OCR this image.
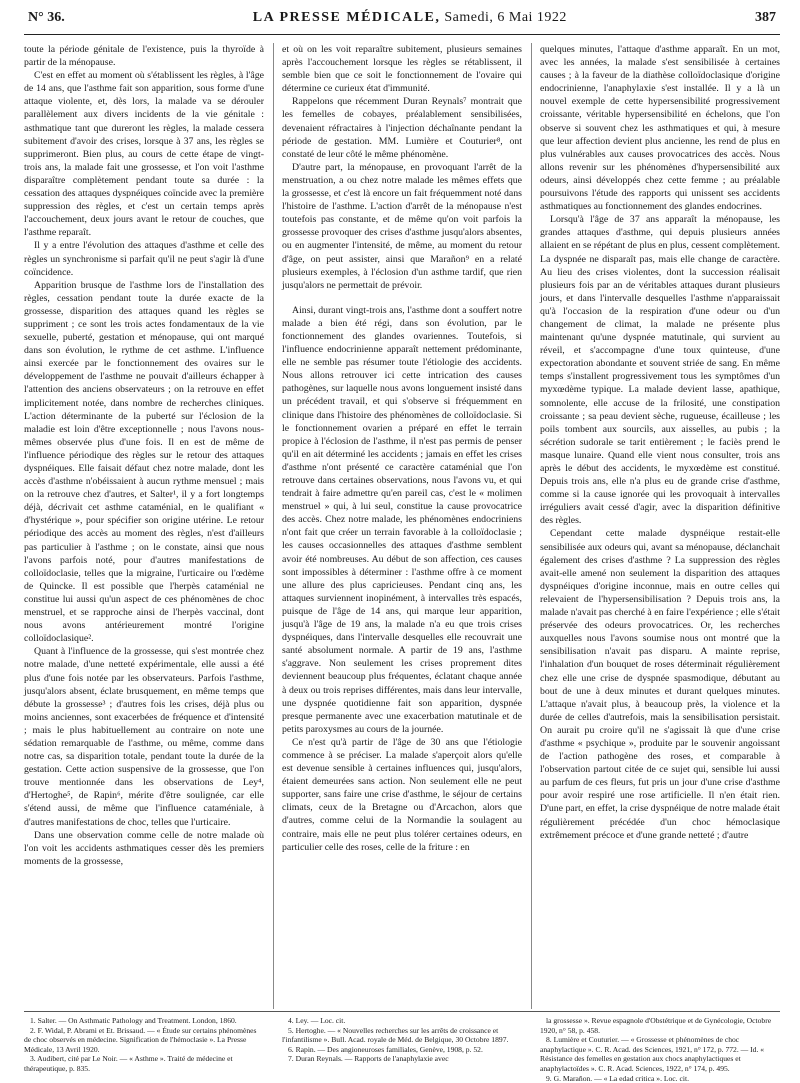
N° 36.	LA PRESSE MÉDICALE, Samedi, 6 Mai 1922	387

toute la période génitale de l'existence, puis la thyroïde à partir de la ménopause.

C'est en effet au moment où s'établissent les règles, à l'âge de 14 ans, que l'asthme fait son apparition, sous forme d'une attaque violente, et, dès lors, la malade va se dérouler parallèlement aux divers incidents de la vie génitale : asthmatique tant que dureront les règles, la malade cessera subitement d'avoir des crises, lorsque à 37 ans, les règles se supprimeront. Bien plus, au cours de cette étape de vingt-trois ans, la malade fait une grossesse, et l'on voit l'asthme disparaître complètement pendant toute sa durée : la cessation des attaques dyspnéiques coïncide avec la première suppression des règles, et c'est un certain temps après l'accouchement, deux jours avant le retour de couches, que l'asthme reparaît.

Il y a entre l'évolution des attaques d'asthme et celle des règles un synchronisme si parfait qu'il ne peut s'agir là d'une coïncidence.

Apparition brusque de l'asthme lors de l'installation des règles, cessation pendant toute la durée exacte de la grossesse, disparition des attaques quand les règles se suppriment ; ce sont les trois actes fondamentaux de la vie sexuelle, puberté, gestation et ménopause, qui ont marqué dans son évolution, le rythme de cet asthme. L'influence ainsi exercée par le fonctionnement des ovaires sur le développement de l'asthme ne pouvait d'ailleurs échapper à l'attention des anciens observateurs ; on la retrouve en effet implicitement notée, dans nombre de recherches cliniques. L'action déterminante de la puberté sur l'éclosion de la maladie est loin d'être exceptionnelle ; nous l'avons nous-mêmes observée plus d'une fois. Il en est de même de l'influence périodique des règles sur le retour des attaques dyspnéiques. Elle faisait défaut chez notre malade, dont les accès d'asthme n'obéissaient à aucun rythme mensuel ; mais on la retrouve chez d'autres, et Salter¹, il y a fort longtemps déjà, décrivait cet asthme cataménial, en le qualifiant « d'hystérique », pour spécifier son origine utérine. Le retour périodique des accès au moment des règles, n'est d'ailleurs pas particulier à l'asthme ; on le constate, ainsi que nous l'avons parfois noté, pour d'autres manifestations de colloïdoclasie, telles que la migraine, l'urticaire ou l'œdème de Quincke. Il est possible que l'herpès cataménial ne constitue lui aussi qu'un aspect de ces phénomènes de choc menstruel, et se rapproche ainsi de l'herpès vaccinal, dont nous avons antérieurement montré l'origine colloïdoclasique².

Quant à l'influence de la grossesse, qui s'est montrée chez notre malade, d'une netteté expérimentale, elle aussi a été plus d'une fois notée par les observateurs. Parfois l'asthme, jusqu'alors absent, éclate brusquement, en même temps que débute la grossesse³ ; d'autres fois les crises, déjà plus ou moins anciennes, sont exacerbées de fréquence et d'intensité ; mais le plus habituellement au contraire on note une sédation remarquable de l'asthme, ou même, comme dans notre cas, sa disparition totale, pendant toute la durée de la gestation. Cette action suspensive de la grossesse, que l'on trouve mentionnée dans les observations de Ley⁴, d'Hertoghe⁵, de Rapin⁶, mérite d'être soulignée, car elle s'étend aussi, de même que l'influence cataméniale, à d'autres manifestations de choc, telles que l'urticaire.

Dans une observation comme celle de notre malade où l'on voit les accidents asthmatiques cesser dès les premiers moments de la grossesse,

et où on les voit reparaître subitement, plusieurs semaines après l'accouchement lorsque les règles se rétablissent, il semble bien que ce soit le fonctionnement de l'ovaire qui détermine ce curieux état d'immunité.

Rappelons que récemment Duran Reynals⁷ montrait que les femelles de cobayes, préalablement sensibilisées, devenaient réfractaires à l'injection déchaînante pendant la période de gestation. MM. Lumière et Couturier⁸, ont constaté de leur côté le même phénomène.

D'autre part, la ménopause, en provoquant l'arrêt de la menstruation, a ou chez notre malade les mêmes effets que la grossesse, et c'est là encore un fait fréquemment noté dans l'histoire de l'asthme. L'action d'arrêt de la ménopause n'est toutefois pas constante, et de même qu'on voit parfois la grossesse provoquer des crises d'asthme jusqu'alors absentes, ou en augmenter l'intensité, de même, au moment du retour d'âge, on peut assister, ainsi que Marañon⁹ en a relaté plusieurs exemples, à l'éclosion d'un asthme tardif, que rien jusqu'alors ne permettait de prévoir.

Ainsi, durant vingt-trois ans, l'asthme dont a souffert notre malade a bien été régi, dans son évolution, par le fonctionnement des glandes ovariennes. Toutefois, si l'influence endocrinienne apparaît nettement prédominante, elle ne semble pas résumer toute l'étiologie des accidents. Nous allons retrouver ici cette intrication des causes pathogènes, sur laquelle nous avons longuement insisté dans un précédent travail, et qui s'observe si fréquemment en clinique dans l'histoire des phénomènes de colloïdoclasie. Si le fonctionnement ovarien a préparé en effet le terrain propice à l'éclosion de l'asthme, il n'est pas permis de penser qu'il en ait déterminé les accidents ; jamais en effet les crises d'asthme n'ont présenté ce caractère cataménial que l'on retrouve dans certaines observations, nous l'avons vu, et qui tendrait à faire admettre qu'en pareil cas, c'est le « molimen menstruel » qui, à lui seul, constitue la cause provocatrice des accès. Chez notre malade, les phénomènes endocriniens n'ont fait que créer un terrain favorable à la colloïdoclasie ; les causes occasionnelles des attaques d'asthme semblent avoir été nombreuses. Au début de son affection, ces causes sont impossibles à déterminer : l'asthme offre à ce moment une allure des plus capricieuses. Pendant cinq ans, les attaques surviennent inopinément, à intervalles très espacés, puisque de l'âge de 14 ans, qui marque leur apparition, jusqu'à l'âge de 19 ans, la malade n'a eu que trois crises dyspnéiques, dans l'intervalle desquelles elle recouvrait une santé absolument normale. A partir de 19 ans, l'asthme s'aggrave. Non seulement les crises proprement dites deviennent beaucoup plus fréquentes, éclatant chaque année à deux ou trois reprises différentes, mais dans leur intervalle, une dyspnée quotidienne fait son apparition, dyspnée presque permanente avec une exacerbation matutinale et de petits paroxysmes au cours de la journée.

Ce n'est qu'à partir de l'âge de 30 ans que l'étiologie commence à se préciser. La malade s'aperçoit alors qu'elle est devenue sensible à certaines influences qui, jusqu'alors, étaient demeurées sans action. Non seulement elle ne peut supporter, sans faire une crise d'asthme, le séjour de certains climats, ceux de la Bretagne ou d'Arcachon, alors que d'autres, comme celui de la Normandie la soulagent au contraire, mais elle ne peut plus tolérer certaines odeurs, en particulier celle des roses, celle de la friture : en

quelques minutes, l'attaque d'asthme apparaît. En un mot, avec les années, la malade s'est sensibilisée à certaines causes ; à la faveur de la diathèse colloïdoclasique d'origine endocrinienne, l'anaphylaxie s'est installée. Il y a là un nouvel exemple de cette hypersensibilité progressivement croissante, véritable hypersensibilité en échelons, que l'on observe si souvent chez les asthmatiques et qui, à mesure que leur affection devient plus ancienne, les rend de plus en plus vulnérables aux causes provocatrices des accès. Nous allons revenir sur les phénomènes d'hypersensibilité aux odeurs, ainsi développés chez cette femme ; au préalable poursuivons l'étude des rapports qui unissent ses accidents asthmatiques au fonctionnement des glandes endocrines.

Lorsqu'à l'âge de 37 ans apparaît la ménopause, les grandes attaques d'asthme, qui depuis plusieurs années allaient en se répétant de plus en plus, cessent complètement. La dyspnée ne disparaît pas, mais elle change de caractère. Au lieu des crises violentes, dont la succession réalisait plusieurs fois par an de véritables attaques durant plusieurs jours, et dans l'intervalle desquelles l'asthme n'apparaissait qu'à l'occasion de la respiration d'une odeur ou d'un changement de climat, la malade ne présente plus maintenant qu'une dyspnée matutinale, qui survient au réveil, et s'accompagne d'une toux quinteuse, d'une expectoration abondante et souvent striée de sang. En même temps s'installent progressivement tous les symptômes d'un myxœdème typique. La malade devient lasse, apathique, somnolente, elle accuse de la frilosité, une constipation croissante ; sa peau devient sèche, rugueuse, écailleuse ; les poils tombent aux sourcils, aux aisselles, au pubis ; la sécrétion sudorale se tarit entièrement ; le faciès prend le masque lunaire. Quand elle vient nous consulter, trois ans après le début des accidents, le myxœdème est constitué. Depuis trois ans, elle n'a plus eu de grande crise d'asthme, comme si la cause ignorée qui les provoquait à intervalles irréguliers avait cessé d'agir, avec la disparition définitive des règles.

Cependant cette malade dyspnéique restait-elle sensibilisée aux odeurs qui, avant sa ménopause, déclanchait également des crises d'asthme ? La suppression des règles avait-elle amené non seulement la disparition des attaques dyspnéiques d'origine inconnue, mais en outre celles qui relevaient de l'hypersensibilisation ? Depuis trois ans, la malade n'avait pas cherché à en faire l'expérience ; elle s'était préservée des odeurs provocatrices. Or, les recherches auxquelles nous l'avons soumise nous ont montré que la sensibilisation n'avait pas disparu. A mainte reprise, l'inhalation d'un bouquet de roses déterminait régulièrement chez elle une crise de dyspnée spasmodique, débutant au bout de une à deux minutes et durant quelques minutes. L'attaque n'avait plus, à beaucoup près, la violence et la durée de celles d'autrefois, mais la sensibilisation persistait. On aurait pu croire qu'il ne s'agissait là que d'une crise d'asthme « psychique », produite par le souvenir angoissant de l'action pathogène des roses, et comparable à l'observation partout citée de ce sujet qui, sensible lui aussi au parfum de ces fleurs, fut pris un jour d'une crise d'asthme pour avoir respiré une rose artificielle. Il n'en était rien. D'une part, en effet, la crise dyspnéique de notre malade était régulièrement précédée d'un choc hémoclasique extrêmement précoce et d'une grande netteté ; d'autre

1. Salter. — On Asthmatic Pathology and Treatment. London, 1860.
2. F. Widal, P. Abrami et Et. Brissaud. — « Étude sur certains phénomènes de choc observés en médecine. Signification de l'hémoclasie ». La Presse Médicale, 13 Avril 1920.
3. Audibert, cité par Le Noir. — « Asthme ». Traité de médecine et thérapeutique, p. 835.
4. Ley. — Loc. cit.
5. Hertoghe. — « Nouvelles recherches sur les arrêts de croissance et l'infantilisme ». Bull. Acad. royale de Méd. de Belgique, 30 Octobre 1897.
6. Rapin. — Des angioneuroses familiales, Genève, 1908, p. 52.
7. Duran Reynals. — Rapports de l'anaphylaxie avec
la grossesse ». Revue espagnole d'Obstétrique et de Gynécologie, Octobre 1920, n° 58, p. 458.
8. Lumière et Couturier. — « Grossesse et phénomènes de choc anaphylactique ». C. R. Acad. des Sciences, 1921, n° 172, p. 772. — Id. « Résistance des femelles en gestation aux chocs anaphylactiques et anaphylactoïdes ». C. R. Acad. Sciences, 1922, n° 174, p. 495.
9. G. Marañon. — « La edad critica ». Loc. cit.
